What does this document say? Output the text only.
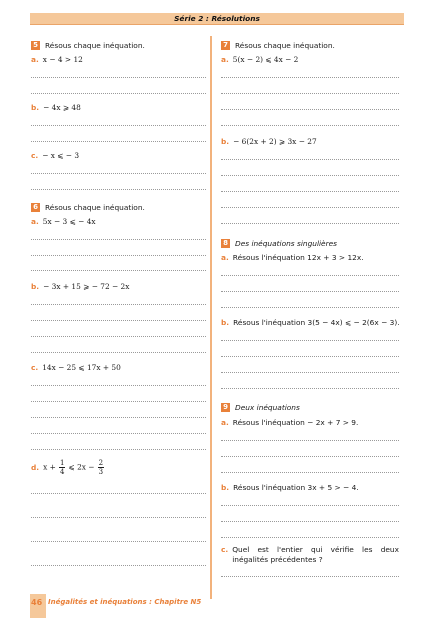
Série 2 : Résolutions
5 Résous chaque inéquation.
a. x − 4 > 12
b. − 4x ⩾ 48
c. − x ⩽ − 3
6 Résous chaque inéquation.
a. 5x − 3 ⩽ − 4x
b. − 3x + 15 ⩾ − 72 − 2x
c. 14x − 25 ⩽ 17x + 50
d. $x + \frac{1}{4}$ ⩽ $2x - \frac{2}{3}$
7 Résous chaque inéquation.
a. 5(x − 2) ⩽ 4x − 2
b. − 6(2x + 2) ⩾ 3x − 27
8 Des inéquations singulières
a. Résous l'inéquation 12x + 3 > 12x.
b. Résous l'inéquation 3(5 − 4x) ⩽ − 2(6x − 3).
9 Deux inéquations
a. Résous l'inéquation − 2x + 7 > 9.
b. Résous l'inéquation 3x + 5 > − 4.
c. Quel est l'entier qui vérifie les deux inégalités précédentes ?
46 Inégalités et inéquations : Chapitre N5
